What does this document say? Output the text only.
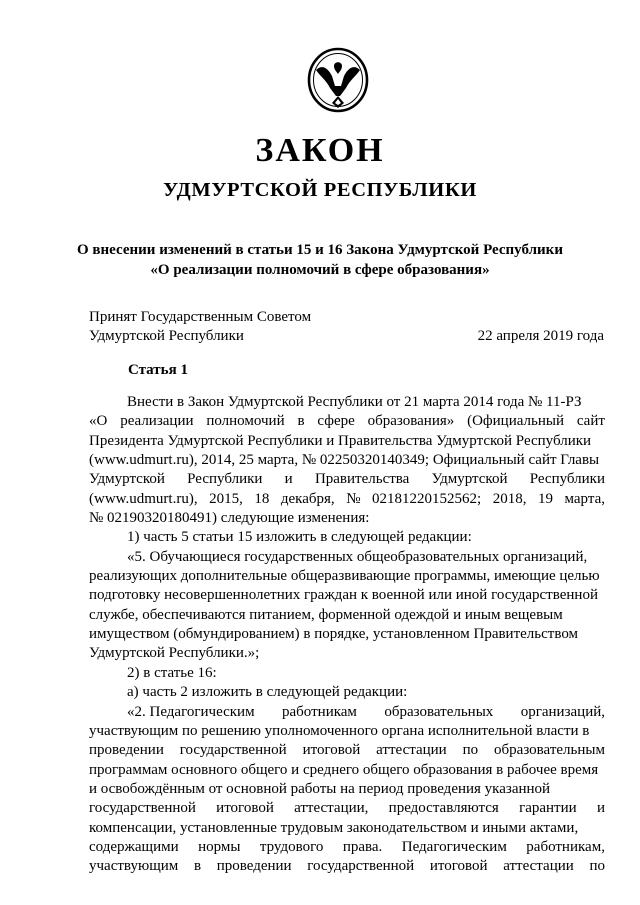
ЗАКОН
УДМУРТСКОЙ РЕСПУБЛИКИ
О внесении изменений в статьи 15 и 16 Закона Удмуртской Республики
«О реализации полномочий в сфере образования»
Принят Государственным Советом
Удмуртской Республики	22 апреля 2019 года
Статья 1
Внести в Закон Удмуртской Республики от 21 марта 2014 года № 11-РЗ
«О реализации полномочий в сфере образования» (Официальный сайт
Президента Удмуртской Республики и Правительства Удмуртской Республики
(www.udmurt.ru), 2014, 25 марта, № 02250320140349; Официальный сайт Главы
Удмуртской Республики и Правительства Удмуртской Республики
(www.udmurt.ru), 2015, 18 декабря, № 02181220152562; 2018, 19 марта,
№ 02190320180491) следующие изменения:
1) часть 5 статьи 15 изложить в следующей редакции:
«5. Обучающиеся государственных общеобразовательных организаций,
реализующих дополнительные общеразвивающие программы, имеющие целью
подготовку несовершеннолетних граждан к военной или иной государственной
службе, обеспечиваются питанием, форменной одеждой и иным вещевым
имуществом (обмундированием) в порядке, установленном Правительством
Удмуртской Республики.»;
2) в статье 16:
а) часть 2 изложить в следующей редакции:
«2. Педагогическим работникам образовательных организаций,
участвующим по решению уполномоченного органа исполнительной власти в
проведении государственной итоговой аттестации по образовательным
программам основного общего и среднего общего образования в рабочее время
и освобождённым от основной работы на период проведения указанной
государственной итоговой аттестации, предоставляются гарантии и
компенсации, установленные трудовым законодательством и иными актами,
содержащими нормы трудового права. Педагогическим работникам,
участвующим в проведении государственной итоговой аттестации по
